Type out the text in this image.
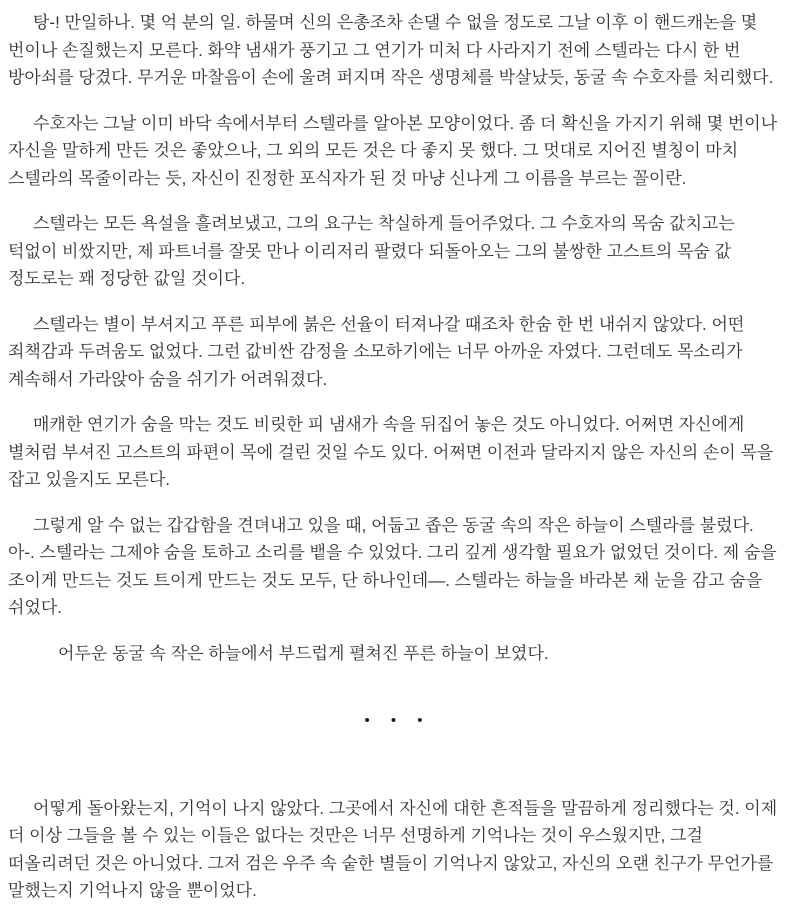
탕-! 만일하나. 몇 억 분의 일. 하물며 신의 은총조차 손댈 수 없을 정도로 그날 이후 이 핸드캐논을 몇 번이나 손질했는지 모른다. 화약 냄새가 풍기고 그 연기가 미처 다 사라지기 전에 스텔라는 다시 한 번 방아쇠를 당겼다. 무거운 마찰음이 손에 울려 퍼지며 작은 생명체를 박살났듯, 동굴 속 수호자를 처리했다.

수호자는 그날 이미 바닥 속에서부터 스텔라를 알아본 모양이었다. 좀 더 확신을 가지기 위해 몇 번이나 자신을 말하게 만든 것은 좋았으나, 그 외의 모든 것은 다 좋지 못 했다. 그 멋대로 지어진 별칭이 마치 스텔라의 목줄이라는 듯, 자신이 진정한 포식자가 된 것 마냥 신나게 그 이름을 부르는 꼴이란.

스텔라는 모든 욕설을 흘려보냈고, 그의 요구는 착실하게 들어주었다. 그 수호자의 목숨 값치고는 턱없이 비쌌지만, 제 파트너를 잘못 만나 이리저리 팔렸다 되돌아오는 그의 불쌍한 고스트의 목숨 값 정도로는 꽤 정당한 값일 것이다.

스텔라는 별이 부셔지고 푸른 피부에 붉은 선율이 터져나갈 때조차 한숨 한 번 내쉬지 않았다. 어떤 죄책감과 두려움도 없었다. 그런 값비싼 감정을 소모하기에는 너무 아까운 자였다. 그런데도 목소리가 계속해서 가라앉아 숨을 쉬기가 어려워졌다.

매캐한 연기가 숨을 막는 것도 비릿한 피 냄새가 속을 뒤집어 놓은 것도 아니었다. 어쩌면 자신에게 별처럼 부셔진 고스트의 파편이 목에 걸린 것일 수도 있다. 어쩌면 이전과 달라지지 않은 자신의 손이 목을 잡고 있을지도 모른다.

그렇게 알 수 없는 갑갑함을 견뎌내고 있을 때, 어둡고 좁은 동굴 속의 작은 하늘이 스텔라를 불렀다. 아-. 스텔라는 그제야 숨을 토하고 소리를 뱉을 수 있었다. 그리 깊게 생각할 필요가 없었던 것이다. 제 숨을 조이게 만드는 것도 트이게 만드는 것도 모두, 단 하나인데—. 스텔라는 하늘을 바라본 채 눈을 감고 숨을 쉬었다.

어두운 동굴 속 작은 하늘에서 부드럽게 펼쳐진 푸른 하늘이 보였다.

• • •

어떻게 돌아왔는지, 기억이 나지 않았다. 그곳에서 자신에 대한 흔적들을 말끔하게 정리했다는 것. 이제 더 이상 그들을 볼 수 있는 이들은 없다는 것만은 너무 선명하게 기억나는 것이 우스웠지만, 그걸 떠올리려던 것은 아니었다. 그저 검은 우주 속 숱한 별들이 기억나지 않았고, 자신의 오랜 친구가 무언가를 말했는지 기억나지 않을 뿐이었다.
